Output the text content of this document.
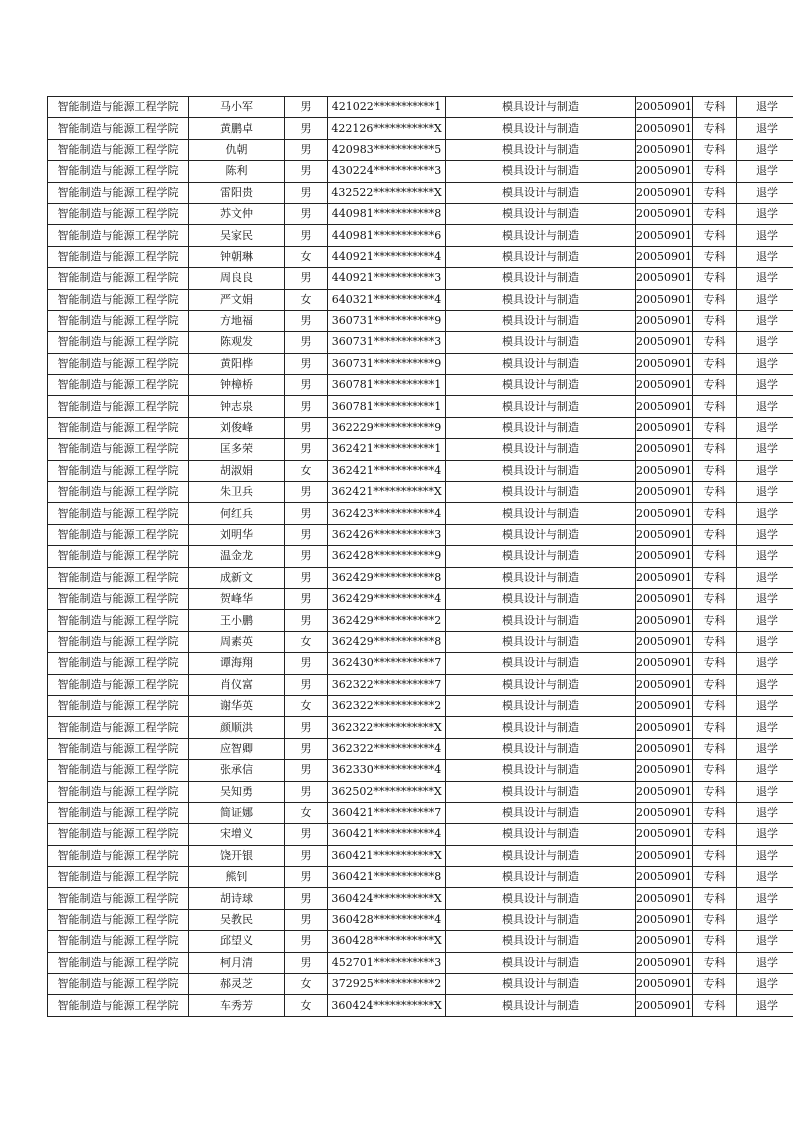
智能制造与能源工程学院	马小军	男	421022***********1	模具设计与制造	20050901	专科	退学
智能制造与能源工程学院	黄鹏卓	男	422126***********X	模具设计与制造	20050901	专科	退学
智能制造与能源工程学院	仇朝	男	420983***********5	模具设计与制造	20050901	专科	退学
智能制造与能源工程学院	陈利	男	430224***********3	模具设计与制造	20050901	专科	退学
智能制造与能源工程学院	雷阳贵	男	432522***********X	模具设计与制造	20050901	专科	退学
智能制造与能源工程学院	苏文仲	男	440981***********8	模具设计与制造	20050901	专科	退学
智能制造与能源工程学院	吴家民	男	440981***********6	模具设计与制造	20050901	专科	退学
智能制造与能源工程学院	钟朝琳	女	440921***********4	模具设计与制造	20050901	专科	退学
智能制造与能源工程学院	周良良	男	440921***********3	模具设计与制造	20050901	专科	退学
智能制造与能源工程学院	严文娟	女	640321***********4	模具设计与制造	20050901	专科	退学
智能制造与能源工程学院	方地福	男	360731***********9	模具设计与制造	20050901	专科	退学
智能制造与能源工程学院	陈观发	男	360731***********3	模具设计与制造	20050901	专科	退学
智能制造与能源工程学院	黄阳桦	男	360731***********9	模具设计与制造	20050901	专科	退学
智能制造与能源工程学院	钟樟桥	男	360781***********1	模具设计与制造	20050901	专科	退学
智能制造与能源工程学院	钟志泉	男	360781***********1	模具设计与制造	20050901	专科	退学
智能制造与能源工程学院	刘俊峰	男	362229***********9	模具设计与制造	20050901	专科	退学
智能制造与能源工程学院	匡多荣	男	362421***********1	模具设计与制造	20050901	专科	退学
智能制造与能源工程学院	胡淑娟	女	362421***********4	模具设计与制造	20050901	专科	退学
智能制造与能源工程学院	朱卫兵	男	362421***********X	模具设计与制造	20050901	专科	退学
智能制造与能源工程学院	何红兵	男	362423***********4	模具设计与制造	20050901	专科	退学
智能制造与能源工程学院	刘明华	男	362426***********3	模具设计与制造	20050901	专科	退学
智能制造与能源工程学院	温金龙	男	362428***********9	模具设计与制造	20050901	专科	退学
智能制造与能源工程学院	成新文	男	362429***********8	模具设计与制造	20050901	专科	退学
智能制造与能源工程学院	贺峰华	男	362429***********4	模具设计与制造	20050901	专科	退学
智能制造与能源工程学院	王小鹏	男	362429***********2	模具设计与制造	20050901	专科	退学
智能制造与能源工程学院	周素英	女	362429***********8	模具设计与制造	20050901	专科	退学
智能制造与能源工程学院	谭海翔	男	362430***********7	模具设计与制造	20050901	专科	退学
智能制造与能源工程学院	肖仪富	男	362322***********7	模具设计与制造	20050901	专科	退学
智能制造与能源工程学院	谢华英	女	362322***********2	模具设计与制造	20050901	专科	退学
智能制造与能源工程学院	颜顺洪	男	362322***********X	模具设计与制造	20050901	专科	退学
智能制造与能源工程学院	应智卿	男	362322***********4	模具设计与制造	20050901	专科	退学
智能制造与能源工程学院	张承信	男	362330***********4	模具设计与制造	20050901	专科	退学
智能制造与能源工程学院	吴知勇	男	362502***********X	模具设计与制造	20050901	专科	退学
智能制造与能源工程学院	简证娜	女	360421***********7	模具设计与制造	20050901	专科	退学
智能制造与能源工程学院	宋增义	男	360421***********4	模具设计与制造	20050901	专科	退学
智能制造与能源工程学院	饶开银	男	360421***********X	模具设计与制造	20050901	专科	退学
智能制造与能源工程学院	熊钊	男	360421***********8	模具设计与制造	20050901	专科	退学
智能制造与能源工程学院	胡诗球	男	360424***********X	模具设计与制造	20050901	专科	退学
智能制造与能源工程学院	吴教民	男	360428***********4	模具设计与制造	20050901	专科	退学
智能制造与能源工程学院	邱望义	男	360428***********X	模具设计与制造	20050901	专科	退学
智能制造与能源工程学院	柯月清	男	452701***********3	模具设计与制造	20050901	专科	退学
智能制造与能源工程学院	郝灵芝	女	372925***********2	模具设计与制造	20050901	专科	退学
智能制造与能源工程学院	车秀芳	女	360424***********X	模具设计与制造	20050901	专科	退学
